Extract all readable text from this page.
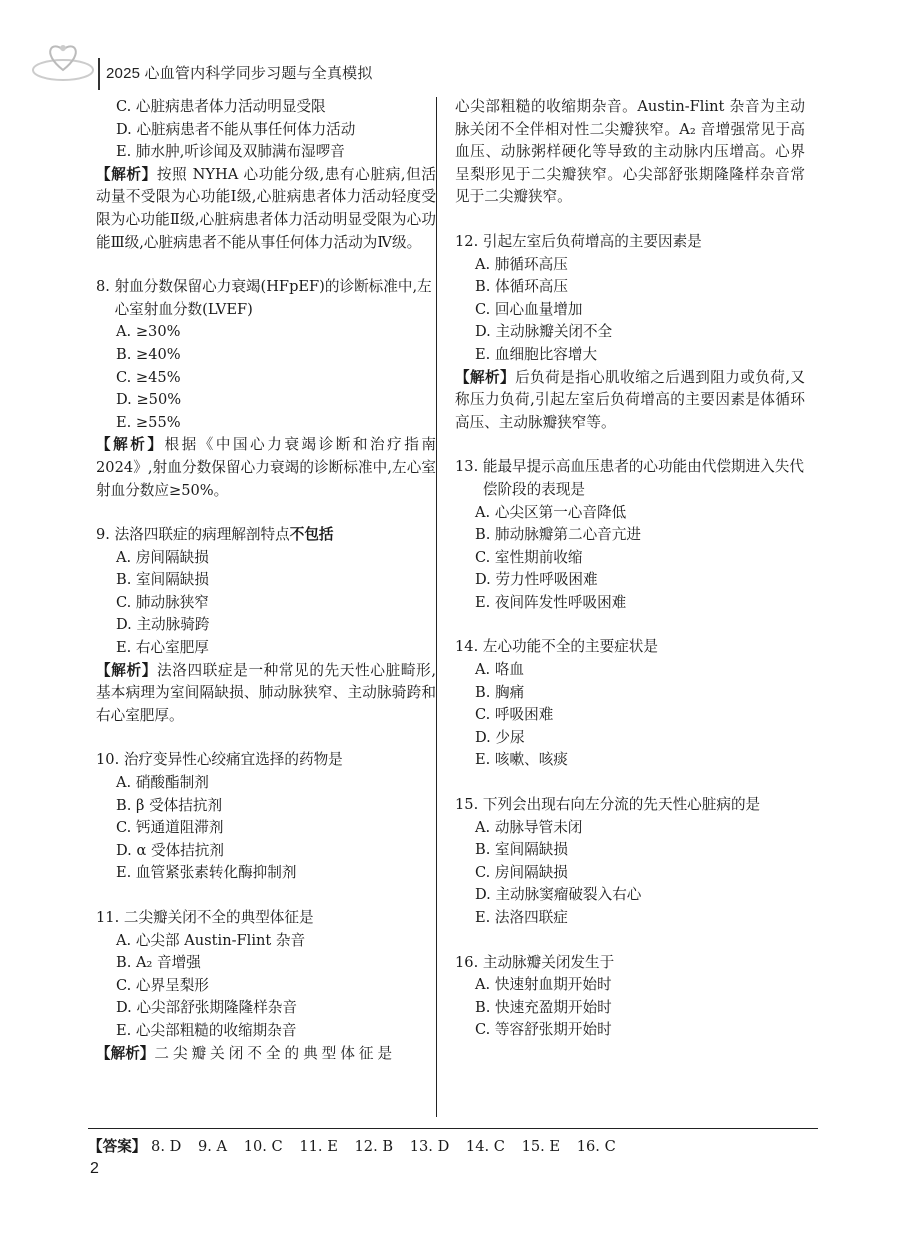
2025 心血管内科学同步习题与全真模拟
C. 心脏病患者体力活动明显受限
D. 心脏病患者不能从事任何体力活动
E. 肺水肿,听诊闻及双肺满布湿啰音
【解析】按照 NYHA 心功能分级,患有心脏病,但活动量不受限为心功能Ⅰ级,心脏病患者体力活动轻度受限为心功能Ⅱ级,心脏病患者体力活动明显受限为心功能Ⅲ级,心脏病患者不能从事任何体力活动为Ⅳ级。
8. 射血分数保留心力衰竭(HFpEF)的诊断标准中,左心室射血分数(LVEF)
A. ≥30%
B. ≥40%
C. ≥45%
D. ≥50%
E. ≥55%
【解析】根据《中国心力衰竭诊断和治疗指南 2024》,射血分数保留心力衰竭的诊断标准中,左心室射血分数应≥50%。
9. 法洛四联症的病理解剖特点不包括
A. 房间隔缺损
B. 室间隔缺损
C. 肺动脉狭窄
D. 主动脉骑跨
E. 右心室肥厚
【解析】法洛四联症是一种常见的先天性心脏畸形,基本病理为室间隔缺损、肺动脉狭窄、主动脉骑跨和右心室肥厚。
10. 治疗变异性心绞痛宜选择的药物是
A. 硝酸酯制剂
B. β 受体拮抗剂
C. 钙通道阻滞剂
D. α 受体拮抗剂
E. 血管紧张素转化酶抑制剂
11. 二尖瓣关闭不全的典型体征是
A. 心尖部 Austin-Flint 杂音
B. A₂ 音增强
C. 心界呈梨形
D. 心尖部舒张期隆隆样杂音
E. 心尖部粗糙的收缩期杂音
【解析】二尖瓣关闭不全的典型体征是
心尖部粗糙的收缩期杂音。Austin-Flint 杂音为主动脉关闭不全伴相对性二尖瓣狭窄。A₂ 音增强常见于高血压、动脉粥样硬化等导致的主动脉内压增高。心界呈梨形见于二尖瓣狭窄。心尖部舒张期隆隆样杂音常见于二尖瓣狭窄。
12. 引起左室后负荷增高的主要因素是
A. 肺循环高压
B. 体循环高压
C. 回心血量增加
D. 主动脉瓣关闭不全
E. 血细胞比容增大
【解析】后负荷是指心肌收缩之后遇到阻力或负荷,又称压力负荷,引起左室后负荷增高的主要因素是体循环高压、主动脉瓣狭窄等。
13. 能最早提示高血压患者的心功能由代偿期进入失代偿阶段的表现是
A. 心尖区第一心音降低
B. 肺动脉瓣第二心音亢进
C. 室性期前收缩
D. 劳力性呼吸困难
E. 夜间阵发性呼吸困难
14. 左心功能不全的主要症状是
A. 咯血
B. 胸痛
C. 呼吸困难
D. 少尿
E. 咳嗽、咳痰
15. 下列会出现右向左分流的先天性心脏病的是
A. 动脉导管未闭
B. 室间隔缺损
C. 房间隔缺损
D. 主动脉窦瘤破裂入右心
E. 法洛四联症
16. 主动脉瓣关闭发生于
A. 快速射血期开始时
B. 快速充盈期开始时
C. 等容舒张期开始时
【答案】 8. D 9. A 10. C 11. E 12. B 13. D 14. C 15. E 16. C
2
